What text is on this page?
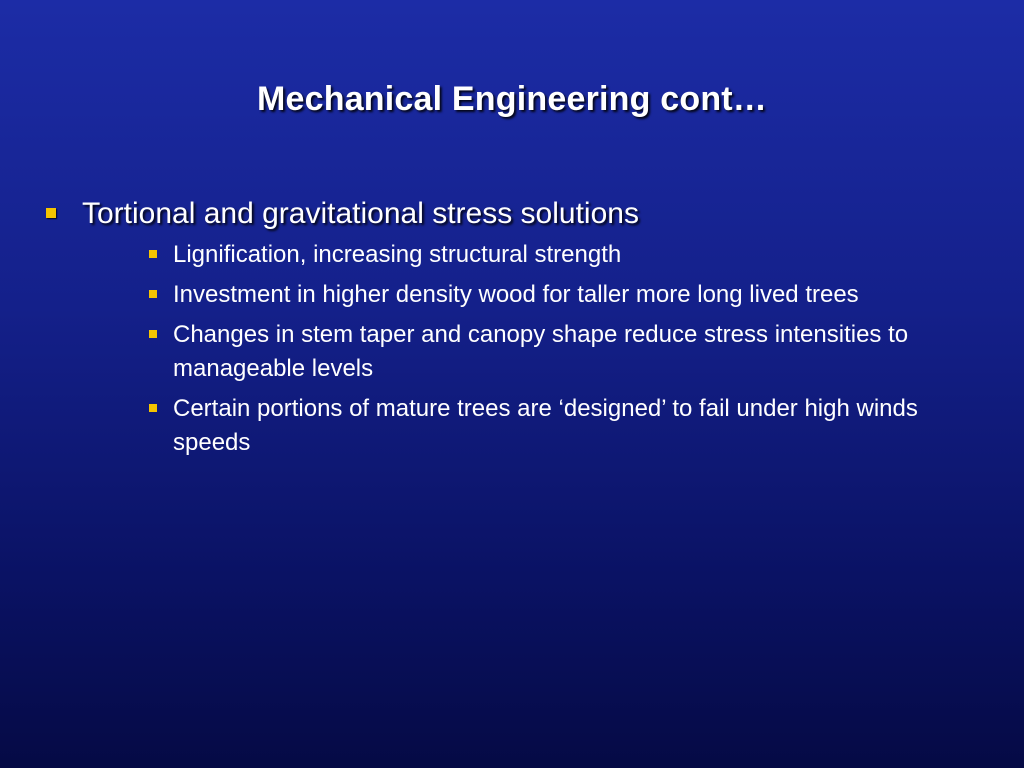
Mechanical Engineering cont…
Tortional and gravitational stress solutions
Lignification, increasing structural strength
Investment in higher density wood for taller more long lived trees
Changes in stem taper and canopy shape reduce stress intensities to manageable levels
Certain portions of mature trees are ‘designed’ to fail under high winds speeds
